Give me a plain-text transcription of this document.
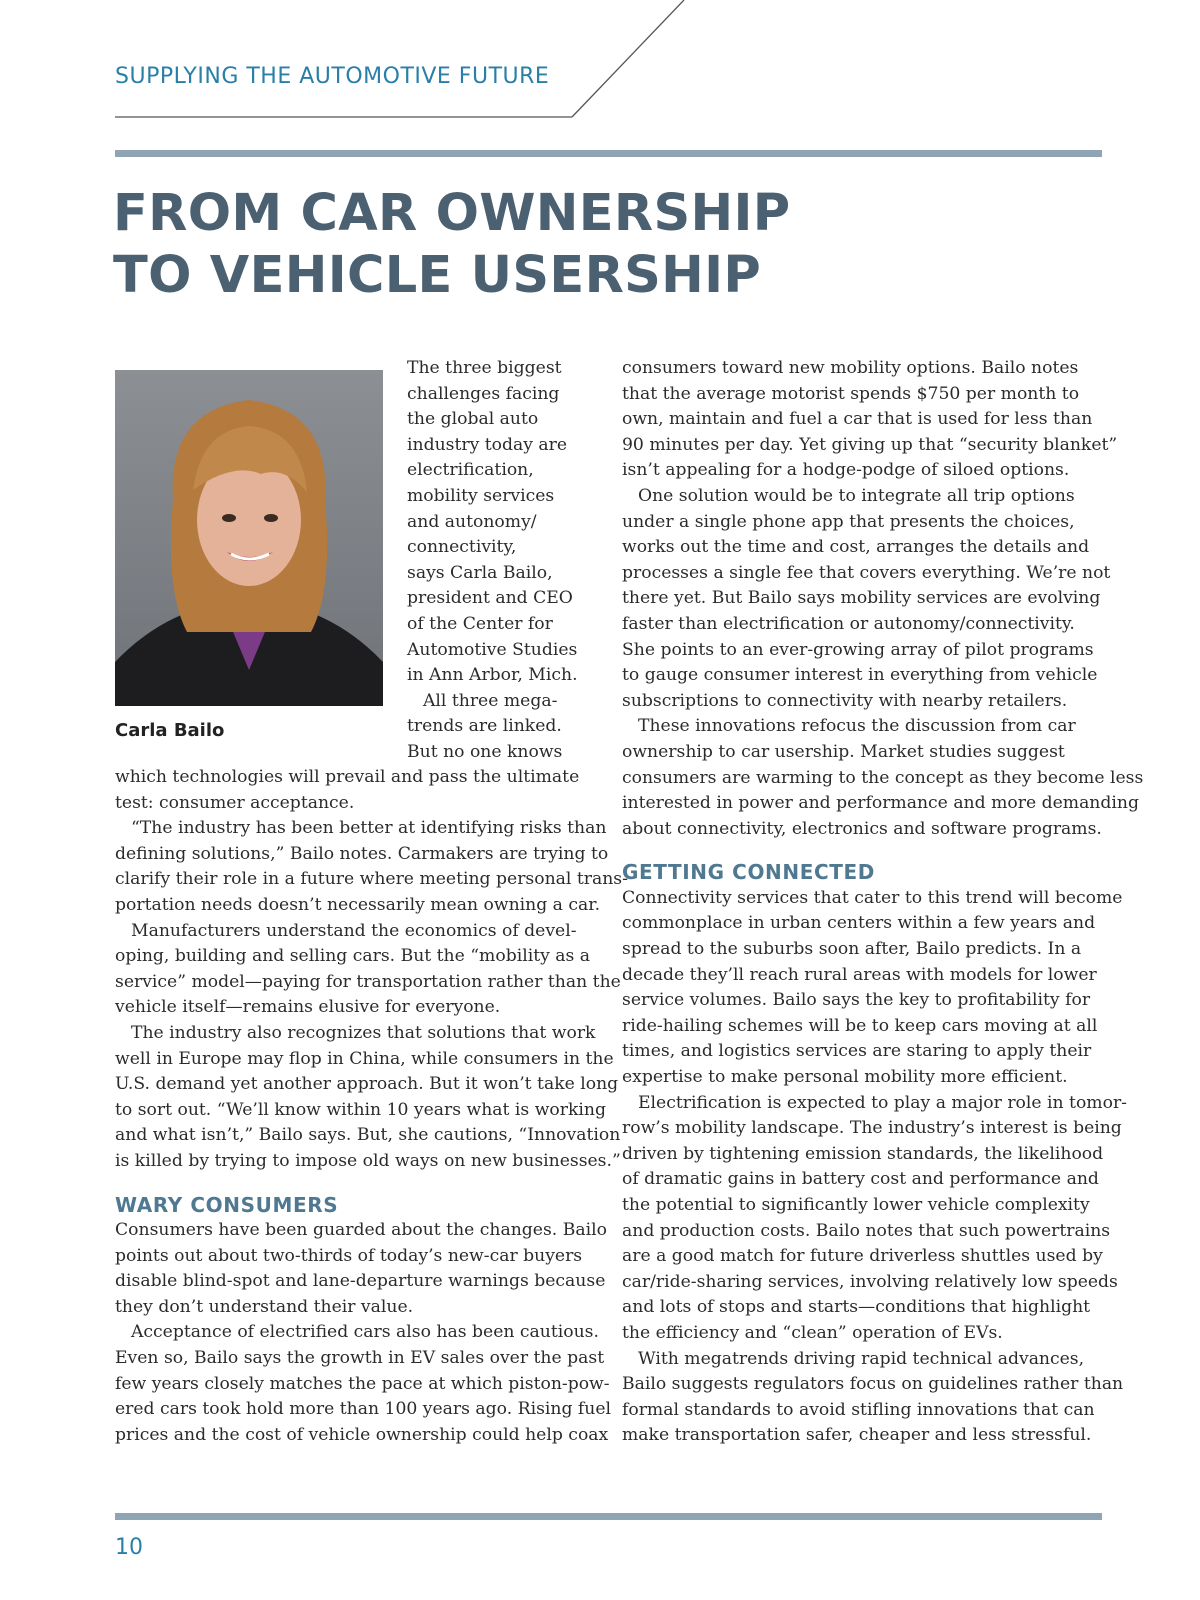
SUPPLYING THE AUTOMOTIVE FUTURE
FROM CAR OWNERSHIP
TO VEHICLE USERSHIP
Carla Bailo
The three biggest
challenges facing
the global auto
industry today are
electrification,
mobility services
and autonomy/
connectivity,
says Carla Bailo,
president and CEO
of the Center for
Automotive Studies
in Ann Arbor, Mich.
All three mega-
trends are linked.
But no one knows
which technologies will prevail and pass the ultimate
test: consumer acceptance.
“The industry has been better at identifying risks than
defining solutions,” Bailo notes. Carmakers are trying to
clarify their role in a future where meeting personal trans-
portation needs doesn’t necessarily mean owning a car.
Manufacturers understand the economics of devel-
oping, building and selling cars. But the “mobility as a
service” model—paying for transportation rather than the
vehicle itself—remains elusive for everyone.
The industry also recognizes that solutions that work
well in Europe may flop in China, while consumers in the
U.S. demand yet another approach. But it won’t take long
to sort out. “We’ll know within 10 years what is working
and what isn’t,” Bailo says. But, she cautions, “Innovation
is killed by trying to impose old ways on new businesses.”
WARY CONSUMERS
Consumers have been guarded about the changes. Bailo
points out about two-thirds of today’s new-car buyers
disable blind-spot and lane-departure warnings because
they don’t understand their value.
Acceptance of electrified cars also has been cautious.
Even so, Bailo says the growth in EV sales over the past
few years closely matches the pace at which piston-pow-
ered cars took hold more than 100 years ago. Rising fuel
prices and the cost of vehicle ownership could help coax
consumers toward new mobility options. Bailo notes
that the average motorist spends $750 per month to
own, maintain and fuel a car that is used for less than
90 minutes per day. Yet giving up that “security blanket”
isn’t appealing for a hodge-podge of siloed options.
One solution would be to integrate all trip options
under a single phone app that presents the choices,
works out the time and cost, arranges the details and
processes a single fee that covers everything. We’re not
there yet. But Bailo says mobility services are evolving
faster than electrification or autonomy/connectivity.
She points to an ever-growing array of pilot programs
to gauge consumer interest in everything from vehicle
subscriptions to connectivity with nearby retailers.
These innovations refocus the discussion from car
ownership to car usership. Market studies suggest
consumers are warming to the concept as they become less
interested in power and performance and more demanding
about connectivity, electronics and software programs.
GETTING CONNECTED
Connectivity services that cater to this trend will become
commonplace in urban centers within a few years and
spread to the suburbs soon after, Bailo predicts. In a
decade they’ll reach rural areas with models for lower
service volumes. Bailo says the key to profitability for
ride-hailing schemes will be to keep cars moving at all
times, and logistics services are staring to apply their
expertise to make personal mobility more efficient.
Electrification is expected to play a major role in tomor-
row’s mobility landscape. The industry’s interest is being
driven by tightening emission standards, the likelihood
of dramatic gains in battery cost and performance and
the potential to significantly lower vehicle complexity
and production costs. Bailo notes that such powertrains
are a good match for future driverless shuttles used by
car/ride-sharing services, involving relatively low speeds
and lots of stops and starts—conditions that highlight
the efficiency and “clean” operation of EVs.
With megatrends driving rapid technical advances,
Bailo suggests regulators focus on guidelines rather than
formal standards to avoid stifling innovations that can
make transportation safer, cheaper and less stressful.
10
